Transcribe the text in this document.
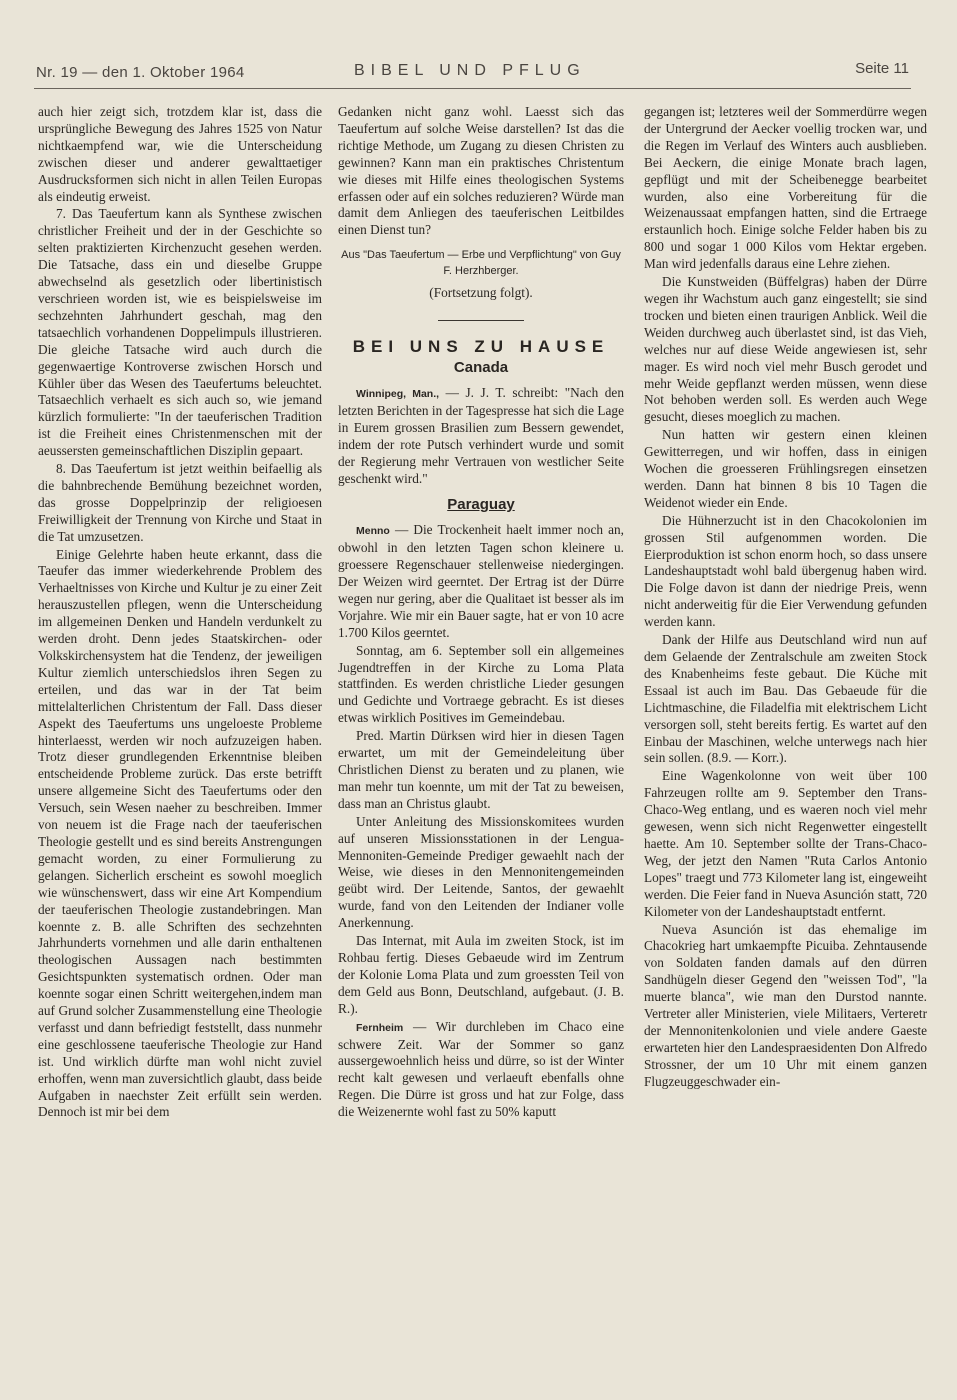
Nr. 19 — den 1. Oktober 1964	BIBEL UND PFLUG	Seite 11

auch hier zeigt sich, trotzdem klar ist, dass die ursprüngliche Bewegung des Jahres 1525 von Natur nichtkaempfend war, wie die Unterscheidung zwischen dieser und anderer gewalttaetiger Ausdrucksformen sich nicht in allen Teilen Europas als eindeutig erweist.

7. Das Taeufertum kann als Synthese zwischen christlicher Freiheit und der in der Geschichte so selten praktizierten Kirchenzucht gesehen werden. Die Tatsache, dass ein und dieselbe Gruppe abwechselnd als gesetzlich oder libertinistisch verschrieen worden ist, wie es beispielsweise im sechzehnten Jahrhundert geschah, mag den tatsaechlich vorhandenen Doppelimpuls illustrieren. Die gleiche Tatsache wird auch durch die gegenwaertige Kontroverse zwischen Horsch und Kühler über das Wesen des Taeufertums beleuchtet. Tatsaechlich verhaelt es sich auch so, wie jemand kürzlich formulierte: "In der taeuferischen Tradition ist die Freiheit eines Christenmenschen mit der aeussersten gemeinschaftlichen Disziplin gepaart.

8. Das Taeufertum ist jetzt weithin beifaellig als die bahnbrechende Bemühung bezeichnet worden, das grosse Doppelprinzip der religioesen Freiwilligkeit der Trennung von Kirche und Staat in die Tat umzusetzen.

Einige Gelehrte haben heute erkannt, dass die Taeufer das immer wiederkehrende Problem des Verhaeltnisses von Kirche und Kultur je zu einer Zeit herauszustellen pflegen, wenn die Unterscheidung im allgemeinen Denken und Handeln verdunkelt zu werden droht. Denn jedes Staatskirchen- oder Volkskirchensystem hat die Tendenz, der jeweiligen Kultur ziemlich unterschiedslos ihren Segen zu erteilen, und das war in der Tat beim mittelalterlichen Christentum der Fall. Dass dieser Aspekt des Taeufertums uns ungeloeste Probleme hinterlaesst, werden wir noch aufzuzeigen haben. Trotz dieser grundlegenden Erkenntnise bleiben entscheidende Probleme zurück. Das erste betrifft unsere allgemeine Sicht des Taeufertums oder den Versuch, sein Wesen naeher zu beschreiben. Immer von neuem ist die Frage nach der taeuferischen Theologie gestellt und es sind bereits Anstrengungen gemacht worden, zu einer Formulierung zu gelangen. Sicherlich erscheint es sowohl moeglich wie wünschenswert, dass wir eine Art Kompendium der taeuferischen Theologie zustandebringen. Man koennte z. B. alle Schriften des sechzehnten Jahrhunderts vornehmen und alle darin enthaltenen theologischen Aussagen nach bestimmten Gesichtspunkten systematisch ordnen. Oder man koennte sogar einen Schritt weitergehen,indem man auf Grund solcher Zusammenstellung eine Theologie verfasst und dann befriedigt feststellt, dass nunmehr eine geschlossene taeuferische Theologie zur Hand ist. Und wirklich dürfte man wohl nicht zuviel erhoffen, wenn man zuversichtlich glaubt, dass beide Aufgaben in naechster Zeit erfüllt sein werden. Dennoch ist mir bei dem

Gedanken nicht ganz wohl. Laesst sich das Taeufertum auf solche Weise darstellen? Ist das die richtige Methode, um Zugang zu diesen Christen zu gewinnen? Kann man ein praktisches Christentum wie dieses mit Hilfe eines theologischen Systems erfassen oder auf ein solches reduzieren? Würde man damit dem Anliegen des taeuferischen Leitbildes einen Dienst tun?

Aus "Das Taeufertum — Erbe und Verpflichtung" von Guy F. Herzhberger.

(Fortsetzung folgt).

BEI UNS ZU HAUSE
Canada

Winnipeg, Man., — J. J. T. schreibt: "Nach den letzten Berichten in der Tagespresse hat sich die Lage in Eurem grossen Brasilien zum Bessern gewendet, indem der rote Putsch verhindert wurde und somit der Regierung mehr Vertrauen von westlicher Seite geschenkt wird."

Paraguay

Menno — Die Trockenheit haelt immer noch an, obwohl in den letzten Tagen schon kleinere u. groessere Regenschauer stellenweise niedergingen. Der Weizen wird geerntet. Der Ertrag ist der Dürre wegen nur gering, aber die Qualitaet ist besser als im Vorjahre. Wie mir ein Bauer sagte, hat er von 10 acre 1.700 Kilos geerntet.

Sonntag, am 6. September soll ein allgemeines Jugendtreffen in der Kirche zu Loma Plata stattfinden. Es werden christliche Lieder gesungen und Gedichte und Vortraege gebracht. Es ist dieses etwas wirklich Positives im Gemeindebau.

Pred. Martin Dürksen wird hier in diesen Tagen erwartet, um mit der Gemeindeleitung über Christlichen Dienst zu beraten und zu planen, wie man mehr tun koennte, um mit der Tat zu beweisen, dass man an Christus glaubt.

Unter Anleitung des Missionskomitees wurden auf unseren Missionsstationen in der Lengua-Mennoniten-Gemeinde Prediger gewaehlt nach der Weise, wie dieses in den Mennonitengemeinden geübt wird. Der Leitende, Santos, der gewaehlt wurde, fand von den Leitenden der Indianer volle Anerkennung.

Das Internat, mit Aula im zweiten Stock, ist im Rohbau fertig. Dieses Gebaeude wird im Zentrum der Kolonie Loma Plata und zum groessten Teil von dem Geld aus Bonn, Deutschland, aufgebaut. (J. B. R.).

Fernheim — Wir durchleben im Chaco eine schwere Zeit. War der Sommer so ganz aussergewoehnlich heiss und dürre, so ist der Winter recht kalt gewesen und verlaeuft ebenfalls ohne Regen. Die Dürre ist gross und hat zur Folge, dass die Weizenernte wohl fast zu 50% kaputt

gegangen ist; letzteres weil der Sommerdürre wegen der Untergrund der Aecker voellig trocken war, und die Regen im Verlauf des Winters auch ausblieben. Bei Aeckern, die einige Monate brach lagen, gepflügt und mit der Scheibenegge bearbeitet wurden, also eine Vorbereitung für die Weizenaussaat empfangen hatten, sind die Ertraege erstaunlich hoch. Einige solche Felder haben bis zu 800 und sogar 1 000 Kilos vom Hektar ergeben. Man wird jedenfalls daraus eine Lehre ziehen.

Die Kunstweiden (Büffelgras) haben der Dürre wegen ihr Wachstum auch ganz eingestellt; sie sind trocken und bieten einen traurigen Anblick. Weil die Weiden durchweg auch überlastet sind, ist das Vieh, welches nur auf diese Weide angewiesen ist, sehr mager. Es wird noch viel mehr Busch gerodet und mehr Weide gepflanzt werden müssen, wenn diese Not behoben werden soll. Es werden auch Wege gesucht, dieses moeglich zu machen.

Nun hatten wir gestern einen kleinen Gewitterregen, und wir hoffen, dass in einigen Wochen die groesseren Frühlingsregen einsetzen werden. Dann hat binnen 8 bis 10 Tagen die Weidenot wieder ein Ende.

Die Hühnerzucht ist in den Chacokolonien im grossen Stil aufgenommen worden. Die Eierproduktion ist schon enorm hoch, so dass unsere Landeshauptstadt wohl bald übergenug haben wird. Die Folge davon ist dann der niedrige Preis, wenn nicht anderweitig für die Eier Verwendung gefunden werden kann.

Dank der Hilfe aus Deutschland wird nun auf dem Gelaende der Zentralschule am zweiten Stock des Knabenheims feste gebaut. Die Küche mit Essaal ist auch im Bau. Das Gebaeude für die Lichtmaschine, die Filadelfia mit elektrischem Licht versorgen soll, steht bereits fertig. Es wartet auf den Einbau der Maschinen, welche unterwegs nach hier sein sollen. (8.9. — Korr.).

Eine Wagenkolonne von weit über 100 Fahrzeugen rollte am 9. September den Trans-Chaco-Weg entlang, und es waeren noch viel mehr gewesen, wenn sich nicht Regenwetter eingestellt haette. Am 10. September sollte der Trans-Chaco-Weg, der jetzt den Namen "Ruta Carlos Antonio Lopes" traegt und 773 Kilometer lang ist, eingeweiht werden. Die Feier fand in Nueva Asunción statt, 720 Kilometer von der Landeshauptstadt entfernt.

Nueva Asunción ist das ehemalige im Chacokrieg hart umkaempfte Picuiba. Zehntausende von Soldaten fanden damals auf den dürren Sandhügeln dieser Gegend den "weissen Tod", "la muerte blanca", wie man den Durstod nannte. Vertreter aller Ministerien, viele Militaers, Verteretr der Mennonitenkolonien und viele andere Gaeste erwarteten hier den Landespraesidenten Don Alfredo Strossner, der um 10 Uhr mit einem ganzen Flugzeuggeschwader ein-
